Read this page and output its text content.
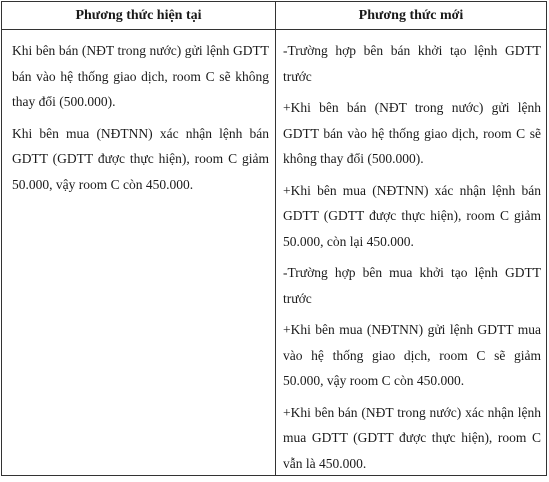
Phương thức hiện tại	Phương thức mới

Khi bên bán (NĐT trong nước) gửi lệnh GDTT bán vào hệ thống giao dịch, room C sẽ không thay đổi (500.000).

Khi bên mua (NĐTNN) xác nhận lệnh bán GDTT (GDTT được thực hiện), room C giảm 50.000, vậy room C còn 450.000.

-Trường hợp bên bán khởi tạo lệnh GDTT trước

+Khi bên bán (NĐT trong nước) gửi lệnh GDTT bán vào hệ thống giao dịch, room C sẽ không thay đổi (500.000).

+Khi bên mua (NĐTNN) xác nhận lệnh bán GDTT (GDTT được thực hiện), room C giảm 50.000, còn lại 450.000.

-Trường hợp bên mua khởi tạo lệnh GDTT trước

+Khi bên mua (NĐTNN) gửi lệnh GDTT mua vào hệ thống giao dịch, room C sẽ giảm 50.000, vậy room C còn 450.000.

+Khi bên bán (NĐT trong nước) xác nhận lệnh mua GDTT (GDTT được thực hiện), room C vẫn là 450.000.
